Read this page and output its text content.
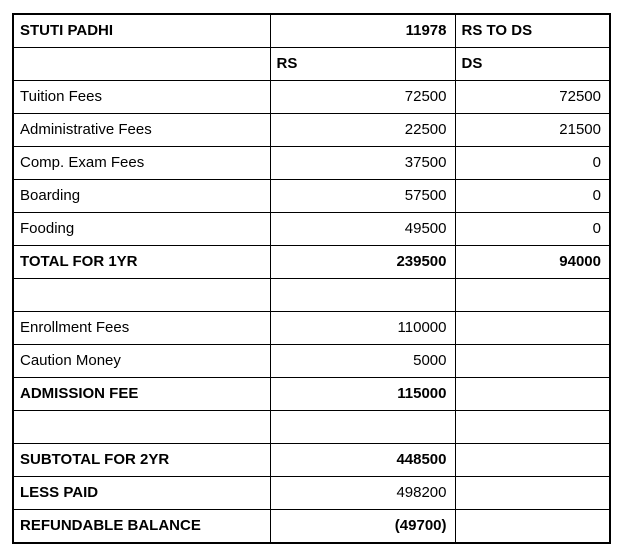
STUTI PADHI	11978	RS TO DS
	RS	DS
Tuition Fees	72500	72500
Administrative Fees	22500	21500
Comp. Exam Fees	37500	0
Boarding	57500	0
Fooding	49500	0
TOTAL FOR 1YR	239500	94000

Enrollment Fees	110000	
Caution Money	5000	
ADMISSION FEE	115000	

SUBTOTAL FOR 2YR	448500	
LESS PAID	498200	
REFUNDABLE BALANCE	(49700)	
